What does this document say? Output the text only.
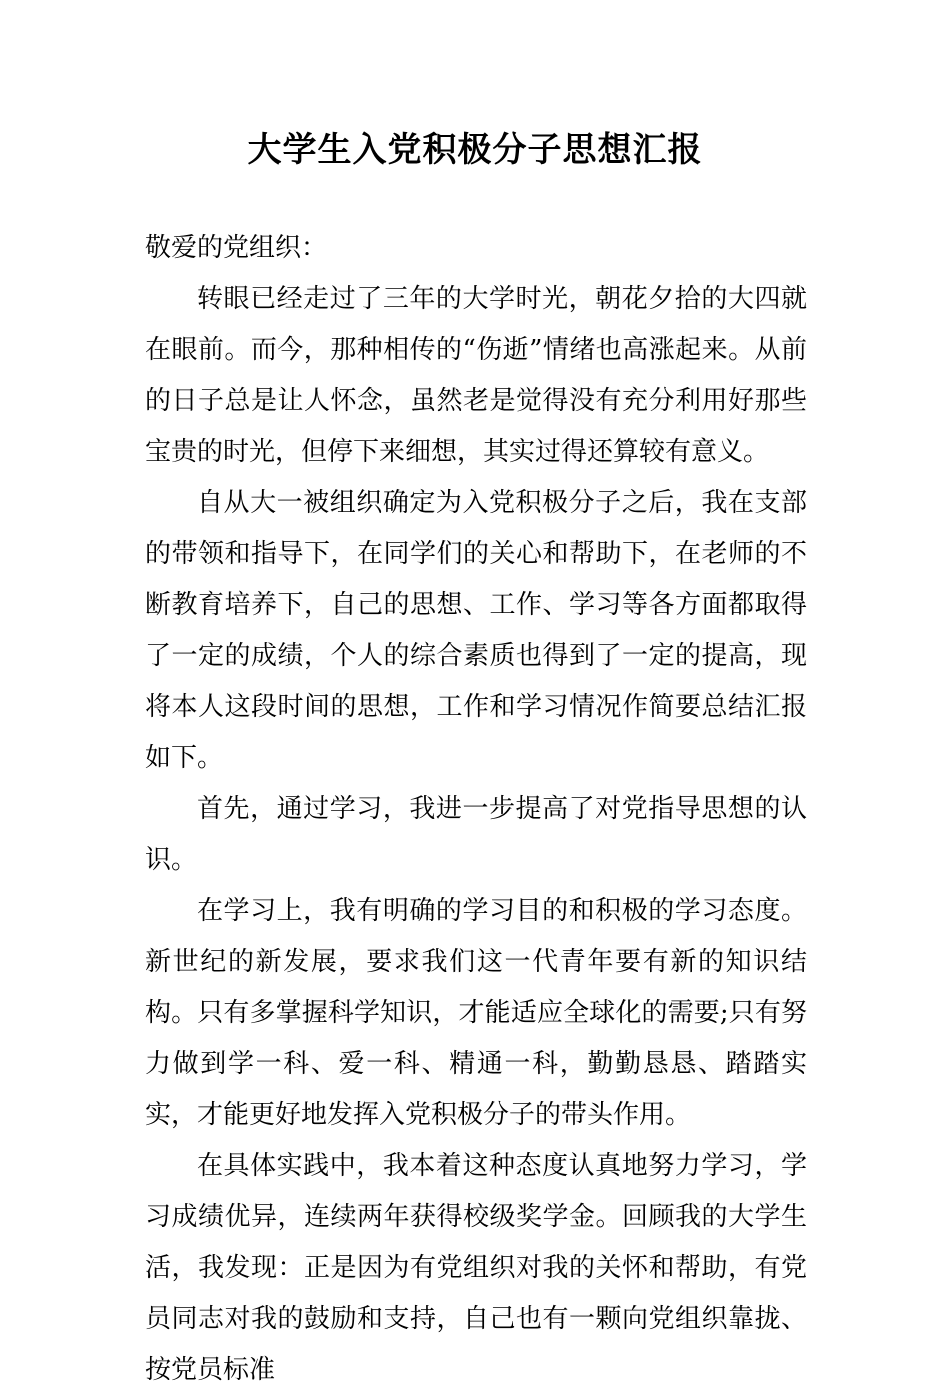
大学生入党积极分子思想汇报

敬爱的党组织：

转眼已经走过了三年的大学时光，朝花夕拾的大四就在眼前。而今，那种相传的“伤逝”情绪也高涨起来。从前的日子总是让人怀念，虽然老是觉得没有充分利用好那些宝贵的时光，但停下来细想，其实过得还算较有意义。

自从大一被组织确定为入党积极分子之后，我在支部的带领和指导下，在同学们的关心和帮助下，在老师的不断教育培养下，自己的思想、工作、学习等各方面都取得了一定的成绩，个人的综合素质也得到了一定的提高，现将本人这段时间的思想，工作和学习情况作简要总结汇报如下。

首先，通过学习，我进一步提高了对党指导思想的认识。

在学习上，我有明确的学习目的和积极的学习态度。新世纪的新发展，要求我们这一代青年要有新的知识结构。只有多掌握科学知识，才能适应全球化的需要;只有努力做到学一科、爱一科、精通一科，勤勤恳恳、踏踏实实，才能更好地发挥入党积极分子的带头作用。

在具体实践中，我本着这种态度认真地努力学习，学习成绩优异，连续两年获得校级奖学金。回顾我的大学生活，我发现：正是因为有党组织对我的关怀和帮助，有党员同志对我的鼓励和支持，自己也有一颗向党组织靠拢、按党员标准
